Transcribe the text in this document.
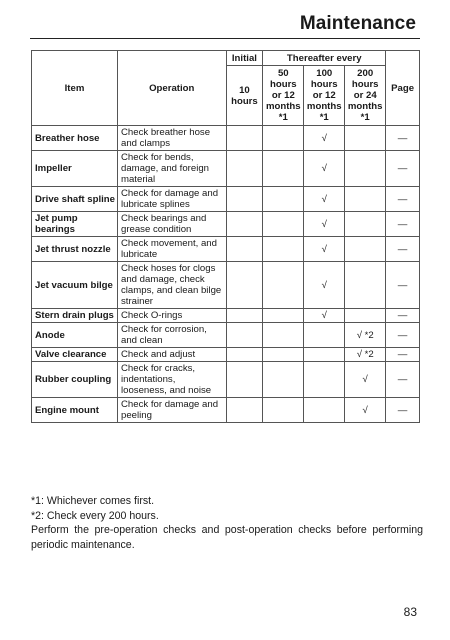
Maintenance
Item	Operation	Initial	Thereafter every			Page
		10 hours	50 hours or 12 months *1	100 hours or 12 months *1	200 hours or 24 months *1	
Breather hose	Check breather hose and clamps			√		—
Impeller	Check for bends, damage, and foreign material			√		—
Drive shaft spline	Check for damage and lubricate splines			√		—
Jet pump bearings	Check bearings and grease condition			√		—
Jet thrust nozzle	Check movement, and lubricate			√		—
Jet vacuum bilge	Check hoses for clogs and damage, check clamps, and clean bilge strainer			√		—
Stern drain plugs	Check O-rings			√		—
Anode	Check for corrosion, and clean				√ *2	—
Valve clearance	Check and adjust				√ *2	—
Rubber coupling	Check for cracks, indentations, looseness, and noise				√	—
Engine mount	Check for damage and peeling				√	—

*1: Whichever comes first.

*2: Check every 200 hours.

Perform the pre-operation checks and post-operation checks before performing periodic maintenance.

83
